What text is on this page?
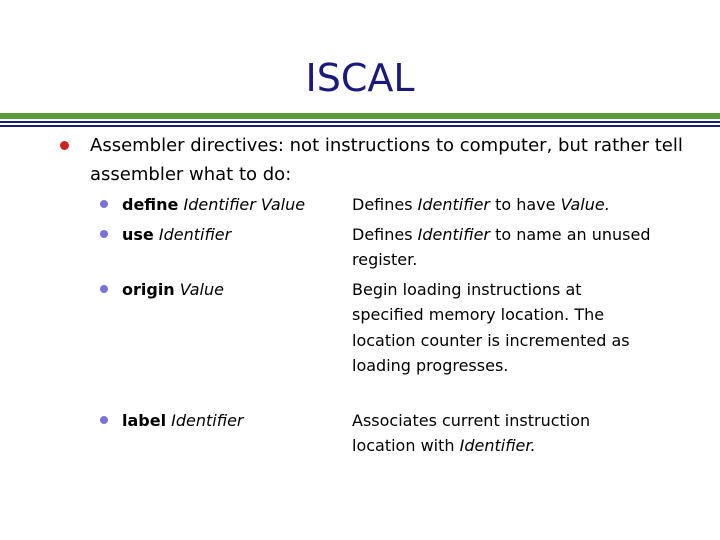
ISCAL
Assembler directives: not instructions to computer, but rather tell assembler what to do:
define Identifier Value	Defines Identifier to have Value.
use Identifier	Defines Identifier to name an unused register.
origin Value	Begin loading instructions at specified memory location. The location counter is incremented as loading progresses.
label Identifier	Associates current instruction location with Identifier.
